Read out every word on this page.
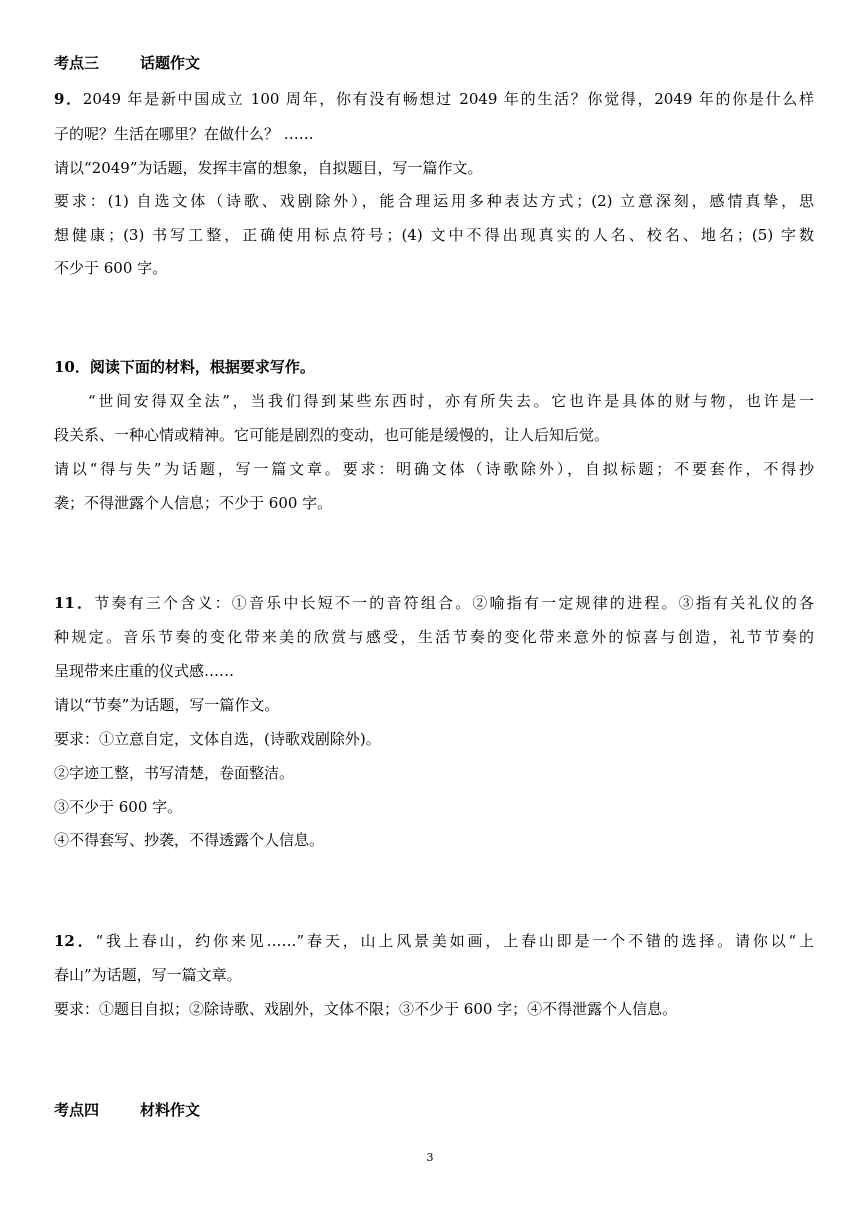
考点三	话题作文
9．2049 年是新中国成立 100 周年，你有没有畅想过 2049 年的生活？你觉得，2049 年的你是什么样
子的呢？生活在哪里？在做什么？ ……
请以“2049”为话题，发挥丰富的想象，自拟题目，写一篇作文。
要求：(1) 自选文体（诗歌、戏剧除外），能合理运用多种表达方式；(2) 立意深刻，感情真挚，思
想健康；(3) 书写工整，正确使用标点符号；(4) 文中不得出现真实的人名、校名、地名；(5) 字数
不少于 600 字。
10．阅读下面的材料，根据要求写作。
“世间安得双全法”，当我们得到某些东西时，亦有所失去。它也许是具体的财与物，也许是一
段关系、一种心情或精神。它可能是剧烈的变动，也可能是缓慢的，让人后知后觉。
请以“得与失”为话题，写一篇文章。要求：明确文体（诗歌除外），自拟标题；不要套作，不得抄
袭；不得泄露个人信息；不少于 600 字。
11．节奏有三个含义：①音乐中长短不一的音符组合。②喻指有一定规律的进程。③指有关礼仪的各
种规定。音乐节奏的变化带来美的欣赏与感受，生活节奏的变化带来意外的惊喜与创造，礼节节奏的
呈现带来庄重的仪式感……
请以“节奏”为话题，写一篇作文。
要求：①立意自定，文体自选，(诗歌戏剧除外)。
②字迹工整，书写清楚，卷面整洁。
③不少于 600 字。
④不得套写、抄袭，不得透露个人信息。
12．“我上春山，约你来见……”春天，山上风景美如画，上春山即是一个不错的选择。请你以“上
春山”为话题，写一篇文章。
要求：①题目自拟；②除诗歌、戏剧外，文体不限；③不少于 600 字；④不得泄露个人信息。
考点四	材料作文
3
